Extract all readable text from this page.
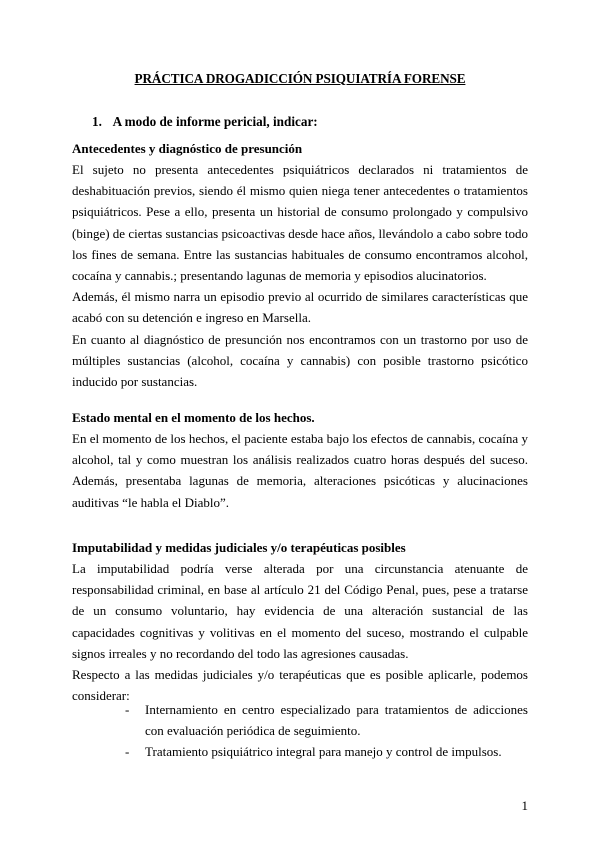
PRÁCTICA DROGADICCIÓN PSIQUIATRÍA FORENSE
1. A modo de informe pericial, indicar:

Antecedentes y diagnóstico de presunción

El sujeto no presenta antecedentes psiquiátricos declarados ni tratamientos de deshabituación previos, siendo él mismo quien niega tener antecedentes o tratamientos psiquiátricos. Pese a ello, presenta un historial de consumo prolongado y compulsivo (binge) de ciertas sustancias psicoactivas desde hace años, llevándolo a cabo sobre todo los fines de semana. Entre las sustancias habituales de consumo encontramos alcohol, cocaína y cannabis.; presentando lagunas de memoria y episodios alucinatorios.

Además, él mismo narra un episodio previo al ocurrido de similares características que acabó con su detención e ingreso en Marsella.

En cuanto al diagnóstico de presunción nos encontramos con un trastorno por uso de múltiples sustancias (alcohol, cocaína y cannabis) con posible trastorno psicótico inducido por sustancias.

Estado mental en el momento de los hechos.

En el momento de los hechos, el paciente estaba bajo los efectos de cannabis, cocaína y alcohol, tal y como muestran los análisis realizados cuatro horas después del suceso. Además, presentaba lagunas de memoria, alteraciones psicóticas y alucinaciones auditivas “le habla el Diablo”.

Imputabilidad y medidas judiciales y/o terapéuticas posibles

La imputabilidad podría verse alterada por una circunstancia atenuante de responsabilidad criminal, en base al artículo 21 del Código Penal, pues, pese a tratarse de un consumo voluntario, hay evidencia de una alteración sustancial de las capacidades cognitivas y volitivas en el momento del suceso, mostrando el culpable signos irreales y no recordando del todo las agresiones causadas.

Respecto a las medidas judiciales y/o terapéuticas que es posible aplicarle, podemos considerar:

- Internamiento en centro especializado para tratamientos de adicciones con evaluación periódica de seguimiento.
- Tratamiento psiquiátrico integral para manejo y control de impulsos.
1
